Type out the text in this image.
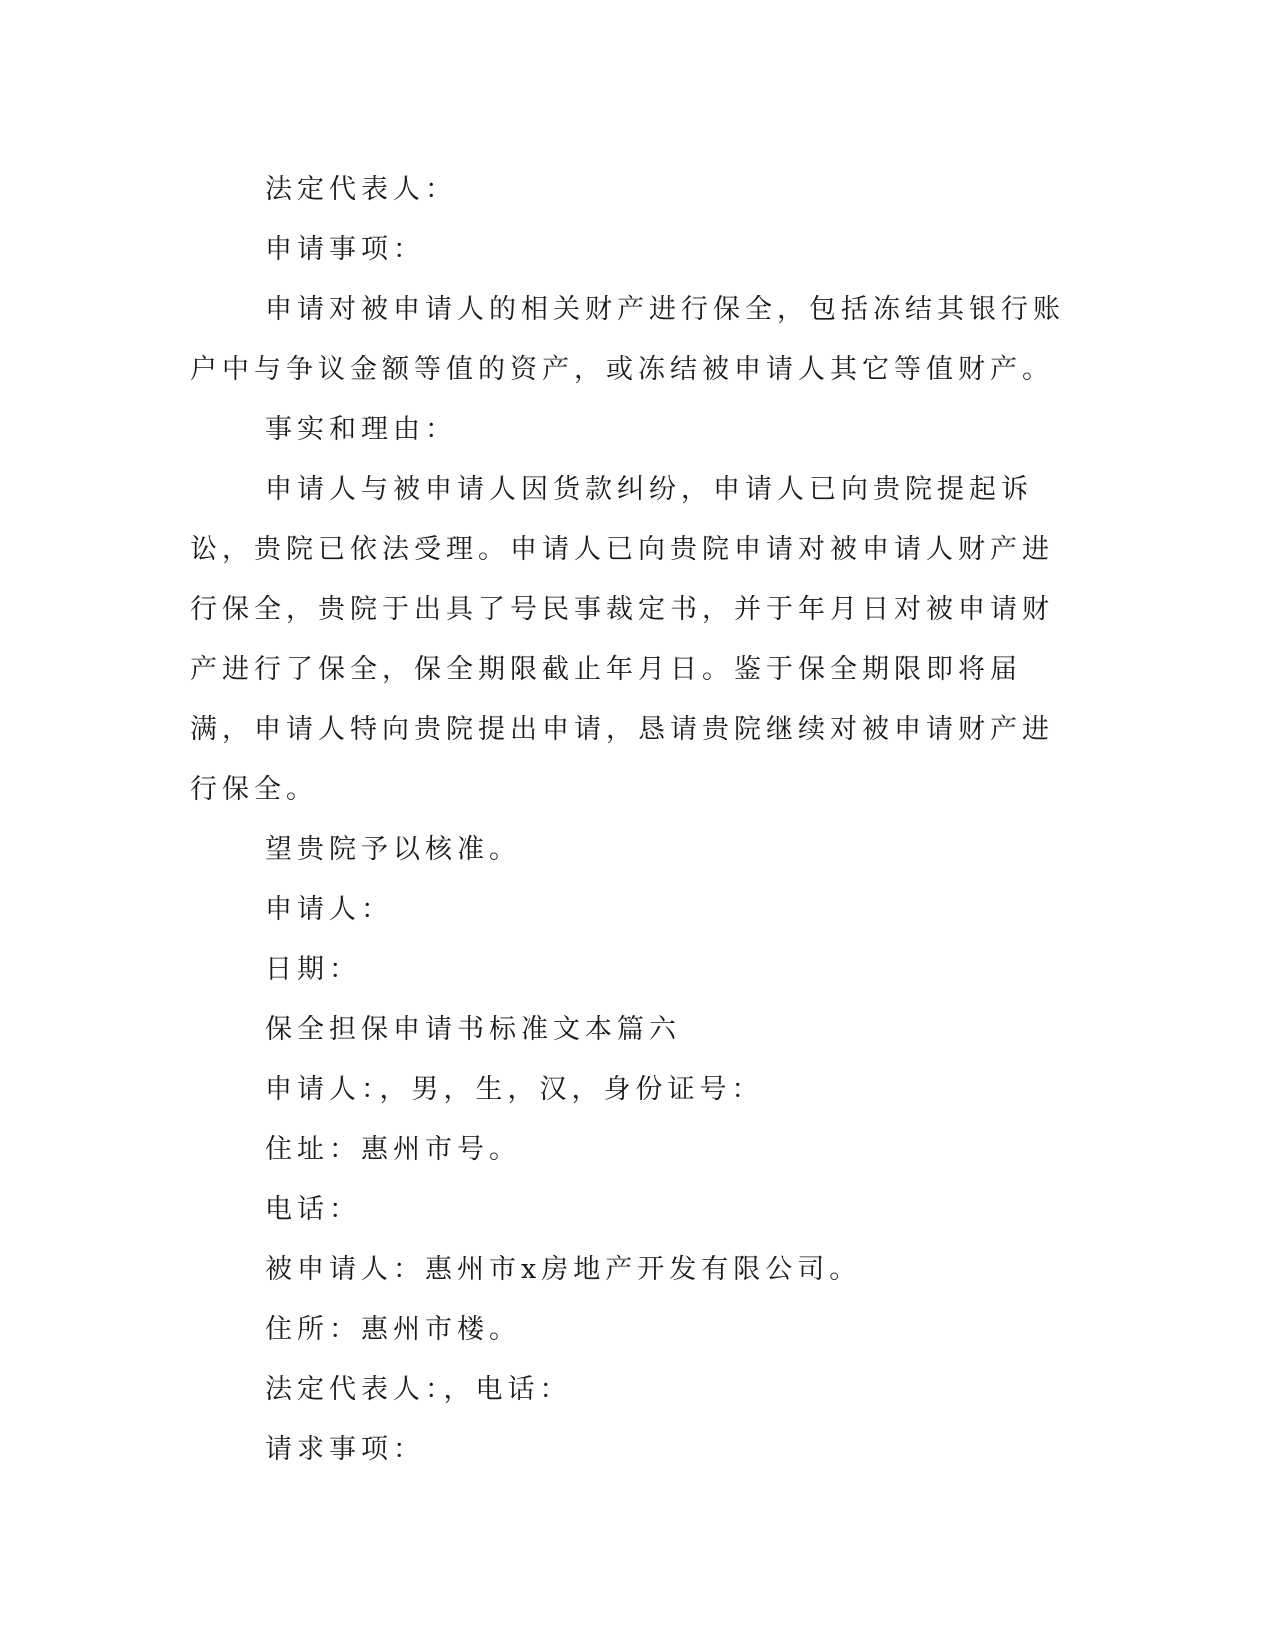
法定代表人：

申请事项：

申请对被申请人的相关财产进行保全，包括冻结其银行账户中与争议金额等值的资产，或冻结被申请人其它等值财产。

事实和理由：

申请人与被申请人因货款纠纷，申请人已向贵院提起诉讼，贵院已依法受理。申请人已向贵院申请对被申请人财产进行保全，贵院于出具了号民事裁定书，并于年月日对被申请财产进行了保全，保全期限截止年月日。鉴于保全期限即将届满，申请人特向贵院提出申请，恳请贵院继续对被申请财产进行保全。

望贵院予以核准。

申请人：

日期：

保全担保申请书标准文本篇六

申请人：，男，生，汉，身份证号：

住址：惠州市号。

电话：

被申请人：惠州市x房地产开发有限公司。

住所：惠州市楼。

法定代表人：，电话：

请求事项：
